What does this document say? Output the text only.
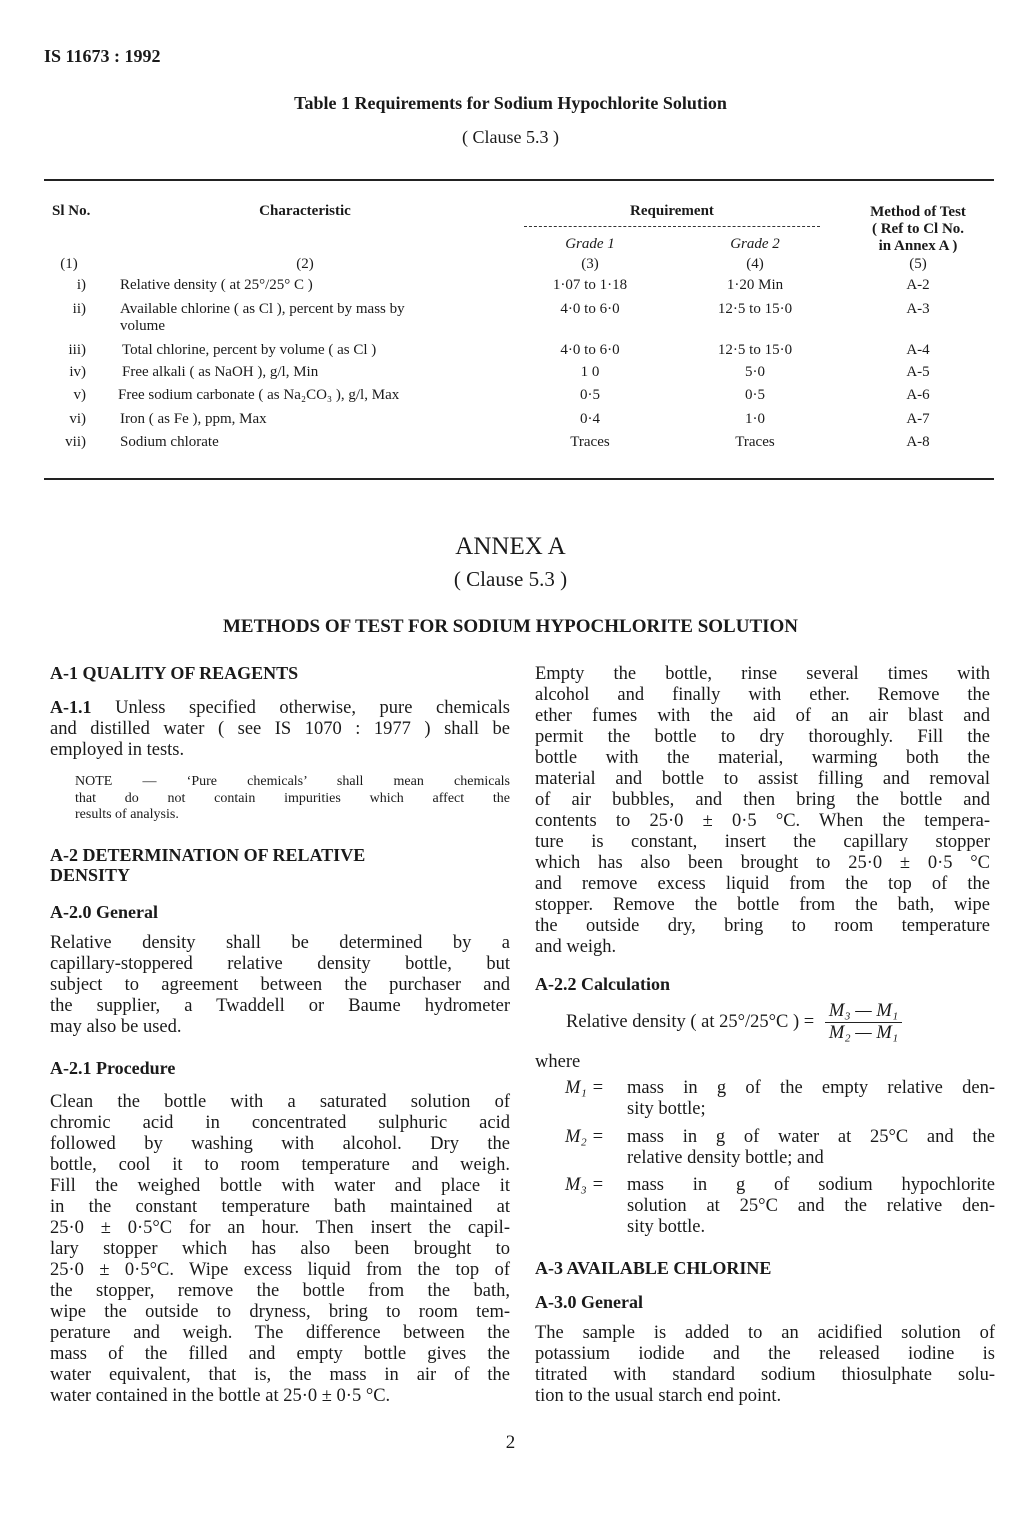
IS 11673 : 1992
Table 1 Requirements for Sodium Hypochlorite Solution
( Clause 5.3 )
Sl No.	Characteristic	Requirement	Method of Test
( Ref to Cl No.
in Annex A )
Grade 1	Grade 2
(1)	(2)	(3)	(4)	(5)
i) Relative density ( at 25°/25° C )	1·07 to 1·18	1·20 Min	A-2
ii) Available chlorine ( as Cl ), percent by mass by
volume
4·0 to 6·0	12·5 to 15·0	A-3
iii) Total chlorine, percent by volume ( as Cl )	4·0 to 6·0	12·5 to 15·0	A-4
iv) Free alkali ( as NaOH ), g/l, Min	1 0	5·0	A-5
v) Free sodium carbonate ( as Na₂CO₃ ), g/l, Max	0·5	0·5	A-6
vi) Iron ( as Fe ), ppm, Max	0·4	1·0	A-7
vii) Sodium chlorate	Traces	Traces	A-8
ANNEX A
( Clause 5.3 )
METHODS OF TEST FOR SODIUM HYPOCHLORITE SOLUTION
A-1 QUALITY OF REAGENTS
A-1.1 Unless specified otherwise, pure chemicals
and distilled water ( see IS 1070 : 1977 ) shall be
employed in tests.
NOTE — ‘Pure chemicals’ shall mean chemicals
that do not contain impurities which affect the
results of analysis.
A-2 DETERMINATION OF RELATIVE
DENSITY
A-2.0 General
Relative density shall be determined by a
capillary-stoppered relative density bottle, but
subject to agreement between the purchaser and
the supplier, a Twaddell or Baume hydrometer
may also be used.
A-2.1 Procedure
Clean the bottle with a saturated solution of
chromic acid in concentrated sulphuric acid
followed by washing with alcohol. Dry the
bottle, cool it to room temperature and weigh.
Fill the weighed bottle with water and place it
in the constant temperature bath maintained at
25·0 ± 0·5°C for an hour. Then insert the capil-
lary stopper which has also been brought to
25·0 ± 0·5°C. Wipe excess liquid from the top of
the stopper, remove the bottle from the bath,
wipe the outside to dryness, bring to room tem-
perature and weigh. The difference between the
mass of the filled and empty bottle gives the
water equivalent, that is, the mass in air of the
water contained in the bottle at 25·0 ± 0·5 °C.
Empty the bottle, rinse several times with
alcohol and finally with ether. Remove the
ether fumes with the aid of an air blast and
permit the bottle to dry thoroughly. Fill the
bottle with the material, warming both the
material and bottle to assist filling and removal
of air bubbles, and then bring the bottle and
contents to 25·0 ± 0·5 °C. When the tempera-
ture is constant, insert the capillary stopper
which has also been brought to 25·0 ± 0·5 °C
and remove excess liquid from the top of the
stopper. Remove the bottle from the bath, wipe
the outside dry, bring to room temperature
and weigh.
A-2.2 Calculation
Relative density ( at 25°/25°C ) = $\frac{\text{M₃ — M₁}}{\text{M₂ — M₁}}$
where
M₁ = mass in g of the empty relative den-
sity bottle;
M₂ = mass in g of water at 25°C and the
relative density bottle; and
M₃ = mass in g of sodium hypochlorite
solution at 25°C and the relative den-
sity bottle.
A-3 AVAILABLE CHLORINE
A-3.0 General
The sample is added to an acidified solution of
potassium iodide and the released iodine is
titrated with standard sodium thiosulphate solu-
tion to the usual starch end point.
2
